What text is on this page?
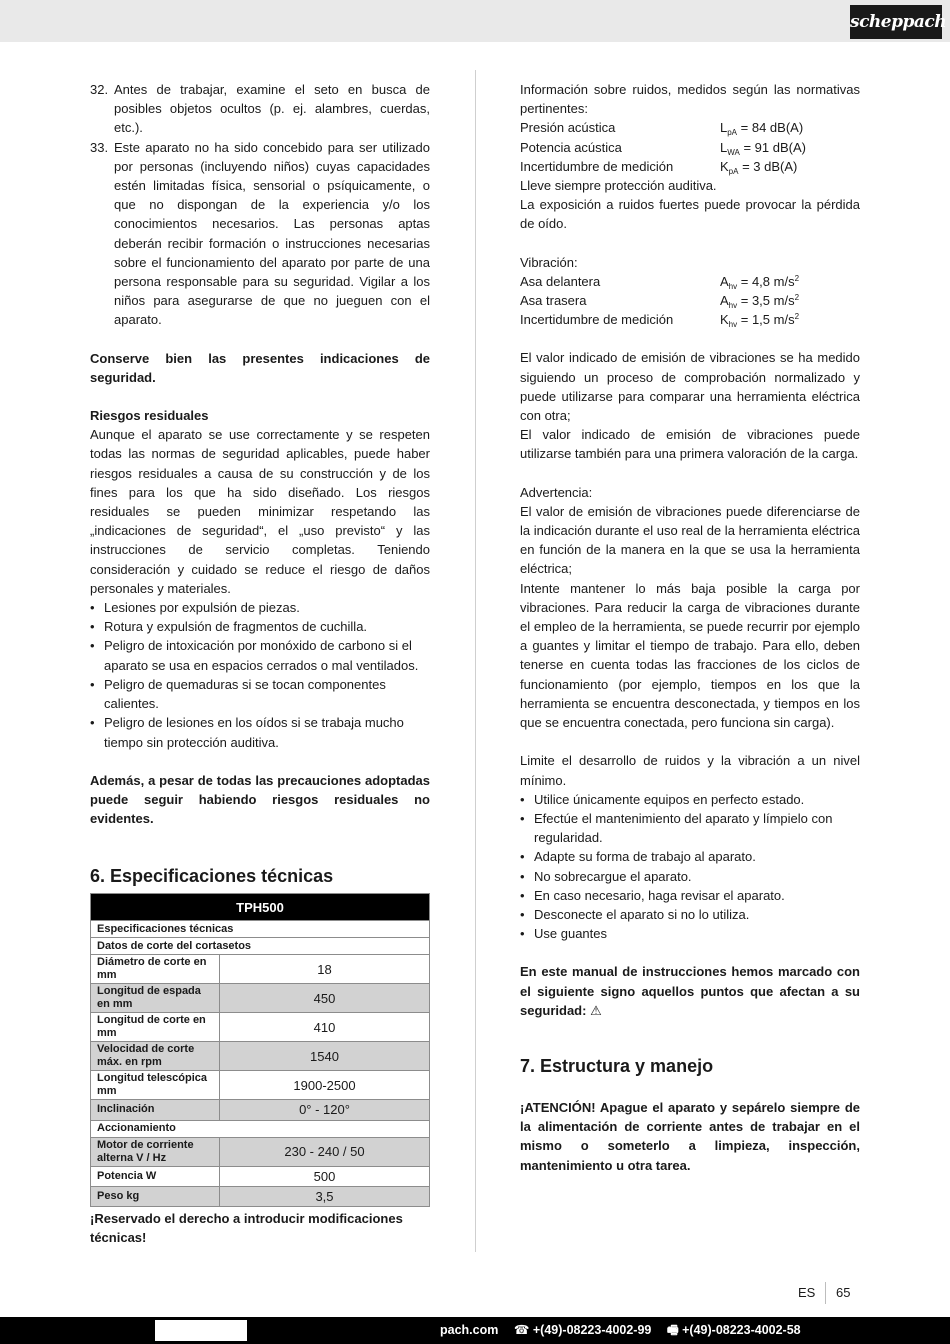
scheppach
32. Antes de trabajar, examine el seto en busca de posibles objetos ocultos (p. ej. alambres, cuerdas, etc.).
33. Este aparato no ha sido concebido para ser utilizado por personas (incluyendo niños) cuyas capacidades estén limitadas física, sensorial o psíquicamente, o que no dispongan de la experiencia y/o los conocimientos necesarios. Las personas aptas deberán recibir formación o instrucciones necesarias sobre el funcionamiento del aparato por parte de una persona responsable para su seguridad. Vigilar a los niños para asegurarse de que no jueguen con el aparato.

Conserve bien las presentes indicaciones de seguridad.

Riesgos residuales

Aunque el aparato se use correctamente y se respeten todas las normas de seguridad aplicables, puede haber riesgos residuales a causa de su construcción y de los fines para los que ha sido diseñado. Los riesgos residuales se pueden minimizar respetando las „indicaciones de seguridad“, el „uso previsto“ y las instrucciones de servicio completas. Teniendo consideración y cuidado se reduce el riesgo de daños personales y materiales.

• Lesiones por expulsión de piezas.
• Rotura y expulsión de fragmentos de cuchilla.
• Peligro de intoxicación por monóxido de carbono si el aparato se usa en espacios cerrados o mal ventilados.
• Peligro de quemaduras si se tocan componentes calientes.
• Peligro de lesiones en los oídos si se trabaja mucho tiempo sin protección auditiva.

Además, a pesar de todas las precauciones adoptadas puede seguir habiendo riesgos residuales no evidentes.

6. Especificaciones técnicas

TPH500	
Especificaciones técnicas	
Datos de corte del cortasetos	
Diámetro de corte en mm	18
Longitud de espada en mm	450
Longitud de corte en mm	410
Velocidad de corte máx. en rpm	1540
Longitud telescópica mm	1900-2500
Inclinación	0° - 120°
Accionamiento	
Motor de corriente alterna V / Hz	230 - 240 / 50
Potencia W	500
Peso kg	3,5

¡Reservado el derecho a introducir modificaciones técnicas!

Información sobre ruidos, medidos según las normativas pertinentes:

Presión acústica	$L_{pA} = 84$ dB(A)
Potencia acústica	$L_{WA} = 91$ dB(A)
Incertidumbre de medición	$K_{pA} = 3$ dB(A)

Lleve siempre protección auditiva.

La exposición a ruidos fuertes puede provocar la pérdida de oído.

Vibración:

Asa delantera	$A_{hv} = 4,8$ $m/s^2$
Asa trasera	$A_{hv} = 3,5$ $m/s^2$
Incertidumbre de medición	$K_{hv} = 1,5$ $m/s^2$

El valor indicado de emisión de vibraciones se ha medido siguiendo un proceso de comprobación normalizado y puede utilizarse para comparar una herramienta eléctrica con otra;

El valor indicado de emisión de vibraciones puede utilizarse también para una primera valoración de la carga.

Advertencia:

El valor de emisión de vibraciones puede diferenciarse de la indicación durante el uso real de la herramienta eléctrica en función de la manera en la que se usa la herramienta eléctrica;

Intente mantener lo más baja posible la carga por vibraciones. Para reducir la carga de vibraciones durante el empleo de la herramienta, se puede recurrir por ejemplo a guantes y limitar el tiempo de trabajo. Para ello, deben tenerse en cuenta todas las fracciones de los ciclos de funcionamiento (por ejemplo, tiempos en los que la herramienta se encuentra desconectada, y tiempos en los que se encuentra conectada, pero funciona sin carga).

Limite el desarrollo de ruidos y la vibración a un nivel mínimo.

• Utilice únicamente equipos en perfecto estado.
• Efectúe el mantenimiento del aparato y límpielo con regularidad.
• Adapte su forma de trabajo al aparato.
• No sobrecargue el aparato.
• En caso necesario, haga revisar el aparato.
• Desconecte el aparato si no lo utiliza.
• Use guantes

En este manual de instrucciones hemos marcado con el siguiente signo aquellos puntos que afectan a su seguridad: ⚠

7. Estructura y manejo

¡ATENCIÓN! Apague el aparato y sepárelo siempre de la alimentación de corriente antes de trabajar en el mismo o someterlo a limpieza, inspección, mantenimiento u otra tarea.

ES 65
pach.com ☎ +(49)-08223-4002-99 🖷 +(49)-08223-4002-58
